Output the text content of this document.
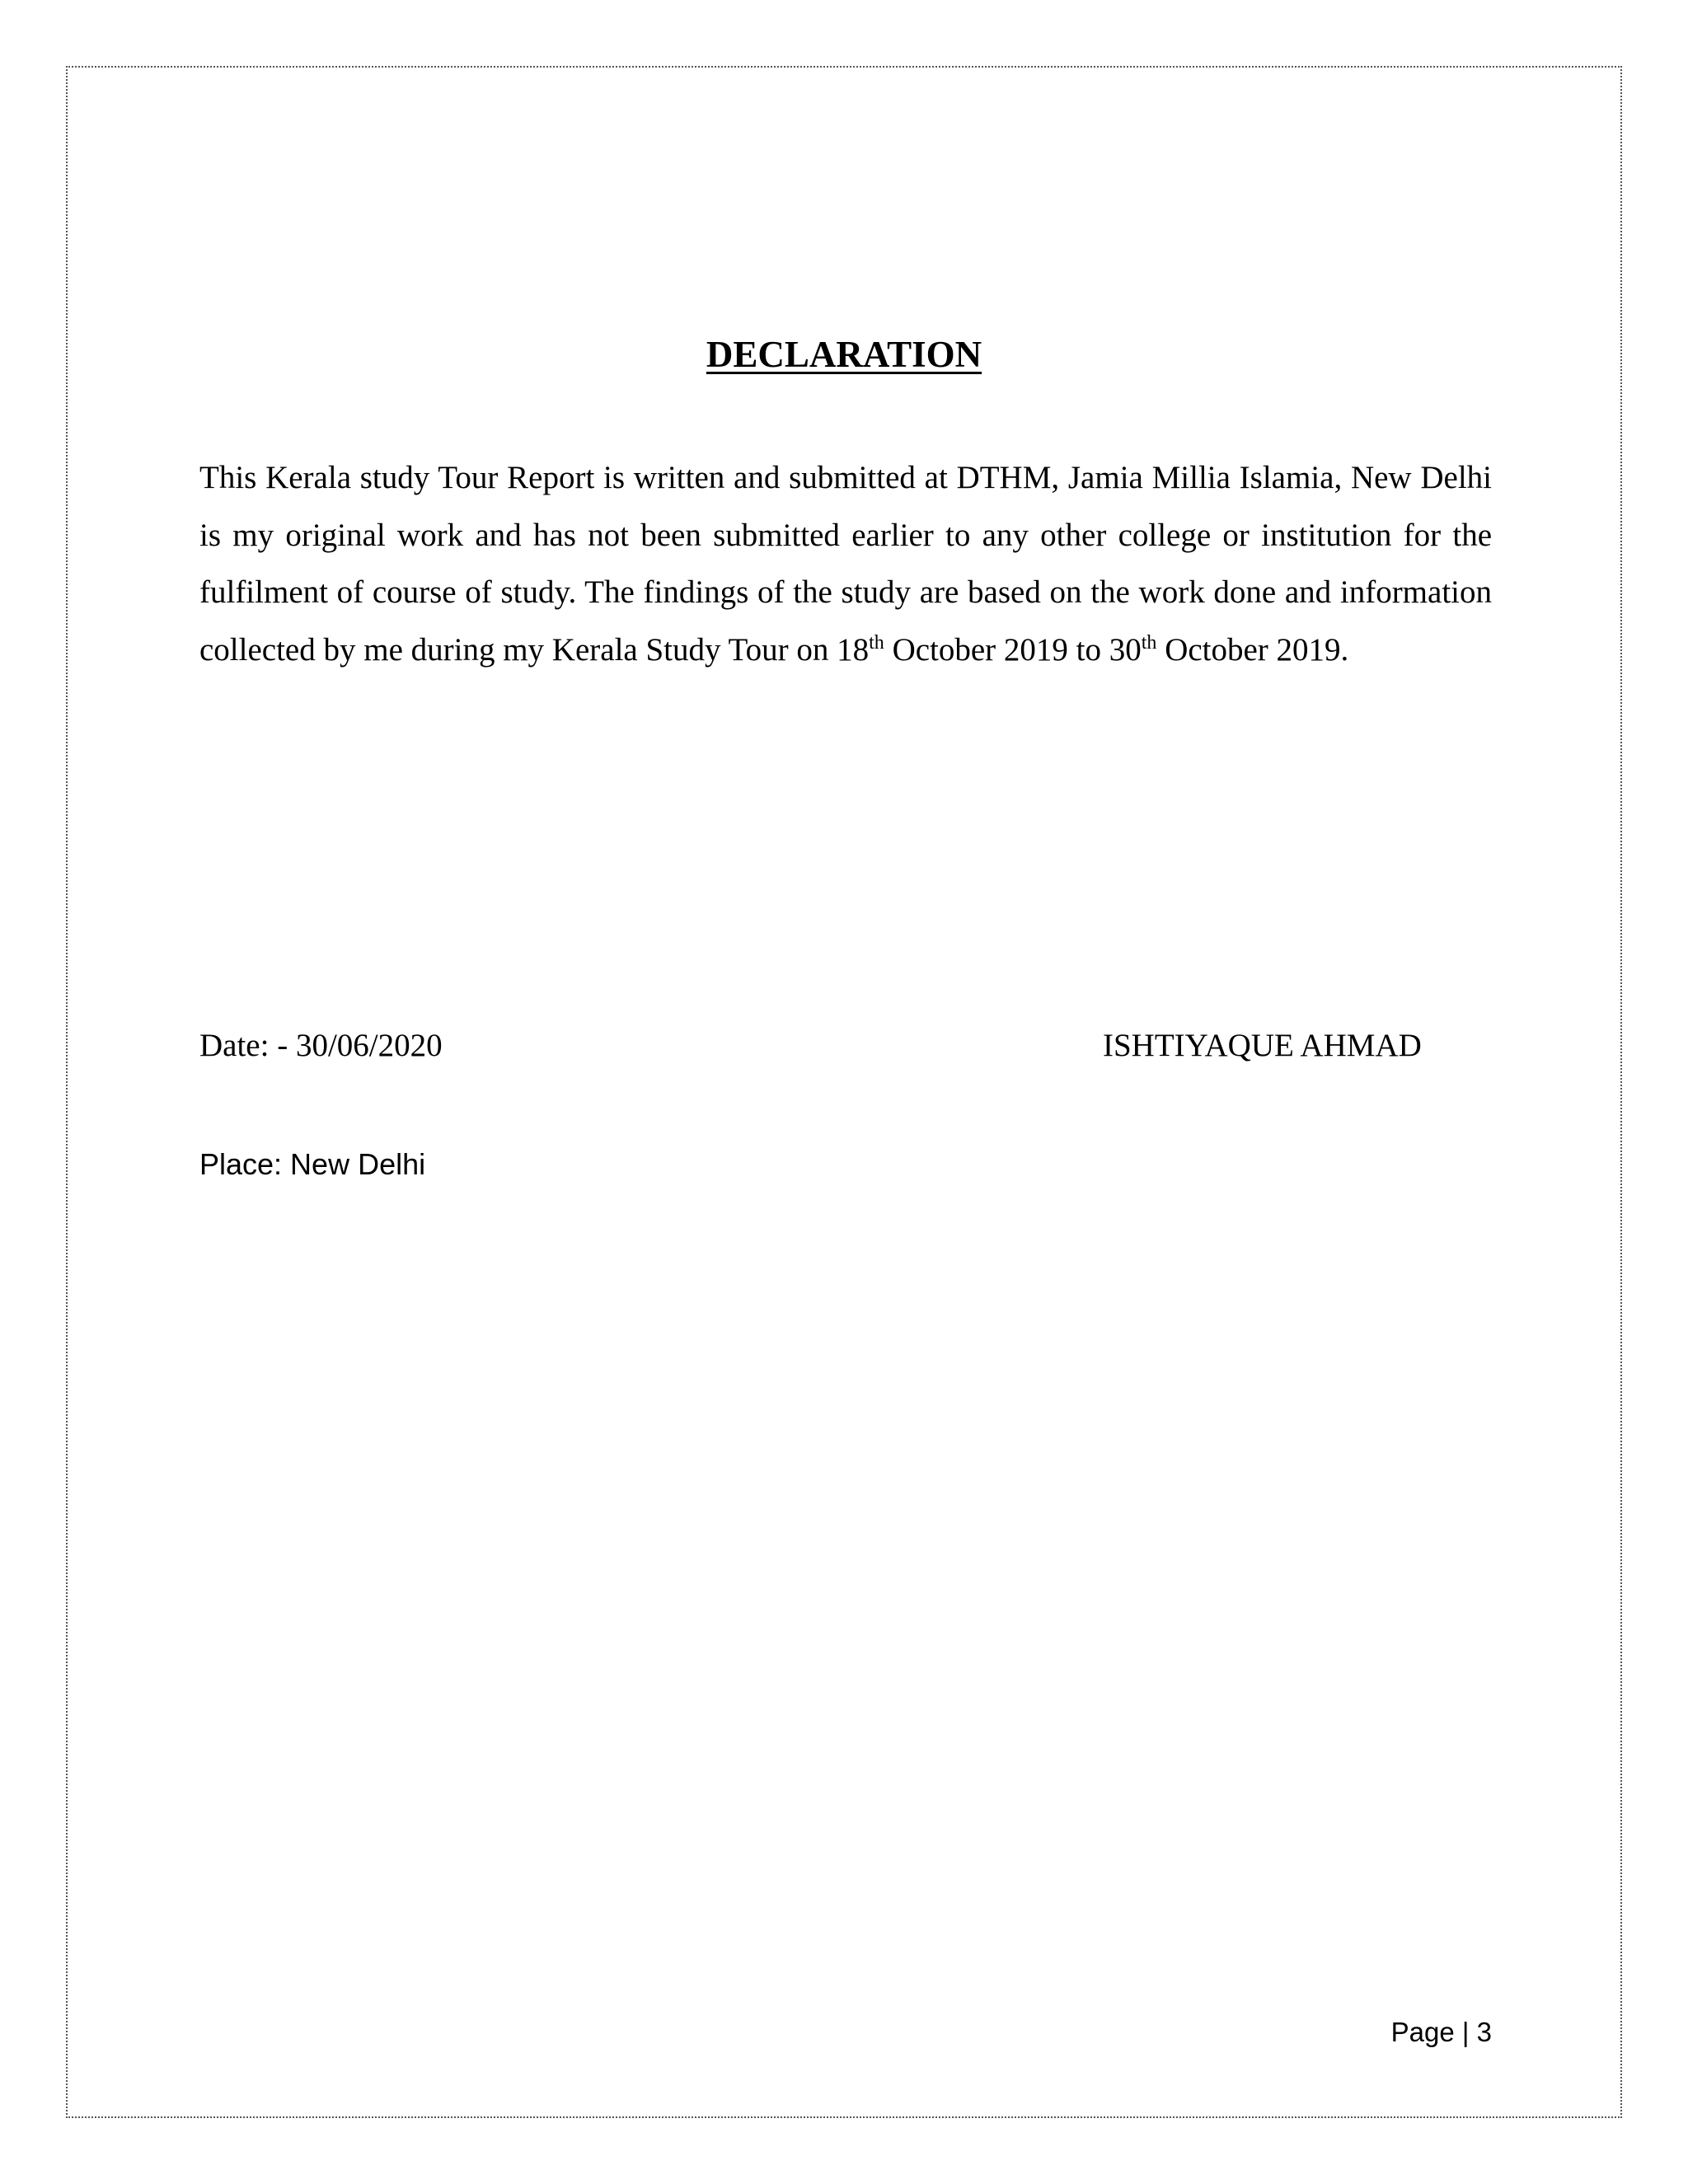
DECLARATION

This Kerala study Tour Report is written and submitted at DTHM, Jamia Millia Islamia, New Delhi is my original work and has not been submitted earlier to any other college or institution for the fulfilment of course of study. The findings of the study are based on the work done and information collected by me during my Kerala Study Tour on 18th October 2019 to 30th October 2019.

Date: - 30/06/2020	ISHTIYAQUE AHMAD

Place: New Delhi

Page | 3
